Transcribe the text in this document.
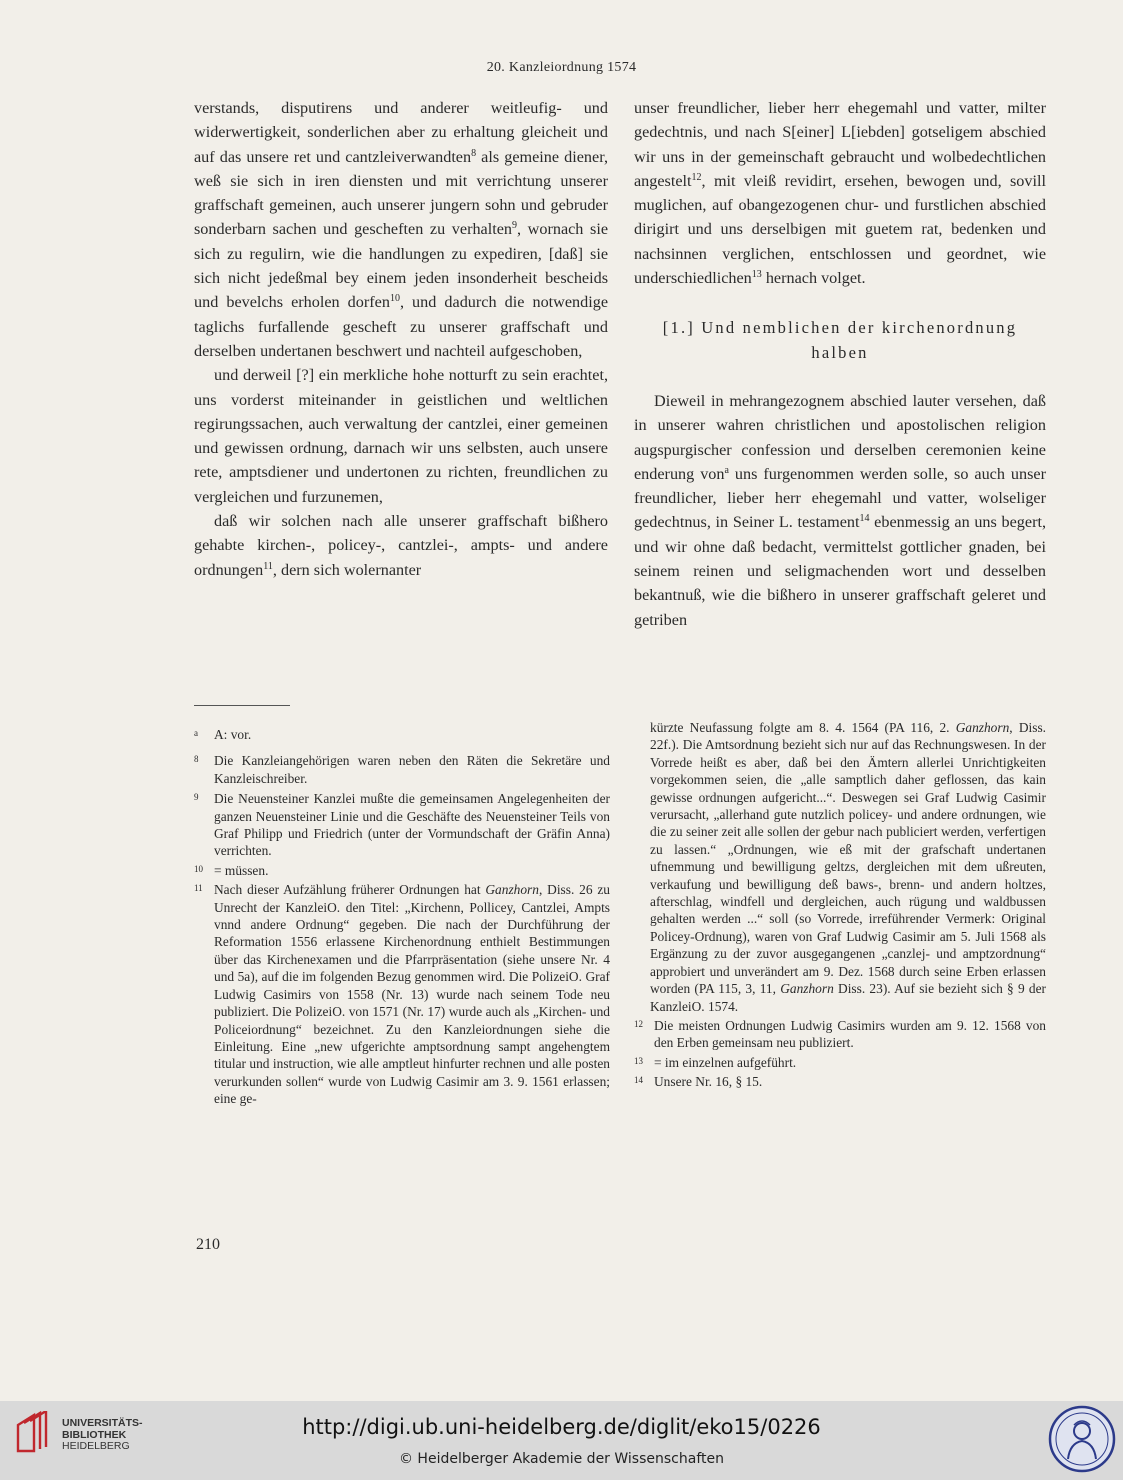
20. Kanzleiordnung 1574

verstands, disputirens und anderer weitleufig- und widerwertigkeit, sonderlichen aber zu erhaltung gleicheit und auf das unsere ret und cantzleiverwandten$^8$ als gemeine diener, weß sie sich in iren diensten und mit verrichtung unserer graffschaft gemeinen, auch unserer jungern sohn und gebruder sonderbarn sachen und gescheften zu verhalten$^9$, wornach sie sich zu regulirn, wie die handlungen zu expediren, [daß] sie sich nicht jedeßmal bey einem jeden insonderheit bescheids und bevelchs erholen dorfen$^{10}$, und dadurch die notwendige taglichs furfallende gescheft zu unserer graffschaft und derselben undertanen beschwert und nachteil aufgeschoben,

und derweil [?] ein merkliche hohe notturft zu sein erachtet, uns vorderst miteinander in geistlichen und weltlichen regirungssachen, auch verwaltung der cantzlei, einer gemeinen und gewissen ordnung, darnach wir uns selbsten, auch unsere rete, amptsdiener und undertonen zu richten, freundlichen zu vergleichen und furzunemen,

daß wir solchen nach alle unserer graffschaft bißhero gehabte kirchen-, policey-, cantzlei-, ampts- und andere ordnungen$^{11}$, dern sich wolernanter

unser freundlicher, lieber herr ehegemahl und vatter, milter gedechtnis, und nach S[einer] L[iebden] gotseligem abschied wir uns in der gemeinschaft gebraucht und wolbedechtlichen angestelt$^{12}$, mit vleiß revidirt, ersehen, bewogen und, sovill muglichen, auf obangezogenen chur- und furstlichen abschied dirigirt und uns derselbigen mit guetem rat, bedenken und nachsinnen verglichen, entschlossen und geordnet, wie underschiedlichen$^{13}$ hernach volget.

[1.] Und nemblichen der kirchenordnung
halben

Dieweil in mehrangezognem abschied lauter versehen, daß in unserer wahren christlichen und apostolischen religion augspurgischer confession und derselben ceremonien keine enderung von$^a$ uns furgenommen werden solle, so auch unser freundlicher, lieber herr ehegemahl und vatter, wolseliger gedechtnus, in Seiner L. testament$^{14}$ ebenmessig an uns begert, und wir ohne daß bedacht, vermittelst gottlicher gnaden, bei seinem reinen und seligmachenden wort und desselben bekantnuß, wie die bißhero in unserer graffschaft geleret und getriben

a A: vor.
8 Die Kanzleiangehörigen waren neben den Räten die Sekretäre und Kanzleischreiber.
9 Die Neuensteiner Kanzlei mußte die gemeinsamen Angelegenheiten der ganzen Neuensteiner Linie und die Geschäfte des Neuensteiner Teils von Graf Philipp und Friedrich (unter der Vormundschaft der Gräfin Anna) verrichten.
10 = müssen.
11 Nach dieser Aufzählung früherer Ordnungen hat Ganzhorn, Diss. 26 zu Unrecht der KanzleiO. den Titel: „Kirchenn, Pollicey, Cantzlei, Ampts vnnd andere Ordnung“ gegeben. Die nach der Durchführung der Reformation 1556 erlassene Kirchenordnung enthielt Bestimmungen über das Kirchenexamen und die Pfarrpräsentation (siehe unsere Nr. 4 und 5a), auf die im folgenden Bezug genommen wird. Die PolizeiO. Graf Ludwig Casimirs von 1558 (Nr. 13) wurde nach seinem Tode neu publiziert. Die PolizeiO. von 1571 (Nr. 17) wurde auch als „Kirchen- und Policeiordnung“ bezeichnet. Zu den Kanzleiordnungen siehe die Einleitung. Eine „new ufgerichte amptsordnung sampt angehengtem titular und instruction, wie alle amptleut hinfurter rechnen und alle posten verurkunden sollen“ wurde von Ludwig Casimir am 3. 9. 1561 erlassen; eine ge-
kürzte Neufassung folgte am 8. 4. 1564 (PA 116, 2. Ganzhorn, Diss. 22f.). Die Amtsordnung bezieht sich nur auf das Rechnungswesen. In der Vorrede heißt es aber, daß bei den Ämtern allerlei Unrichtigkeiten vorgekommen seien, die „alle samptlich daher geflossen, das kain gewisse ordnungen aufgericht...“. Deswegen sei Graf Ludwig Casimir verursacht, „allerhand gute nutzlich policey- und andere ordnungen, wie die zu seiner zeit alle sollen der gebur nach publiciert werden, verfertigen zu lassen.“ „Ordnungen, wie eß mit der grafschaft undertanen ufnemmung und bewilligung geltzs, dergleichen mit dem ußreuten, verkaufung und bewilligung deß baws-, brenn- und andern holtzes, afterschlag, windfell und dergleichen, auch rügung und waldbussen gehalten werden ...“ soll (so Vorrede, irreführender Vermerk: Original Policey-Ordnung), waren von Graf Ludwig Casimir am 5. Juli 1568 als Ergänzung zu der zuvor ausgegangenen „canzlej- und amptzordnung“ approbiert und unverändert am 9. Dez. 1568 durch seine Erben erlassen worden (PA 115, 3, 11, Ganzhorn Diss. 23). Auf sie bezieht sich § 9 der KanzleiO. 1574.
12 Die meisten Ordnungen Ludwig Casimirs wurden am 9. 12. 1568 von den Erben gemeinsam neu publiziert.
13 = im einzelnen aufgeführt.
14 Unsere Nr. 16, § 15.
210
UNIVERSITÄTS-
BIBLIOTHEK
HEIDELBERG
http://digi.ub.uni-heidelberg.de/diglit/eko15/0226
© Heidelberger Akademie der Wissenschaften
